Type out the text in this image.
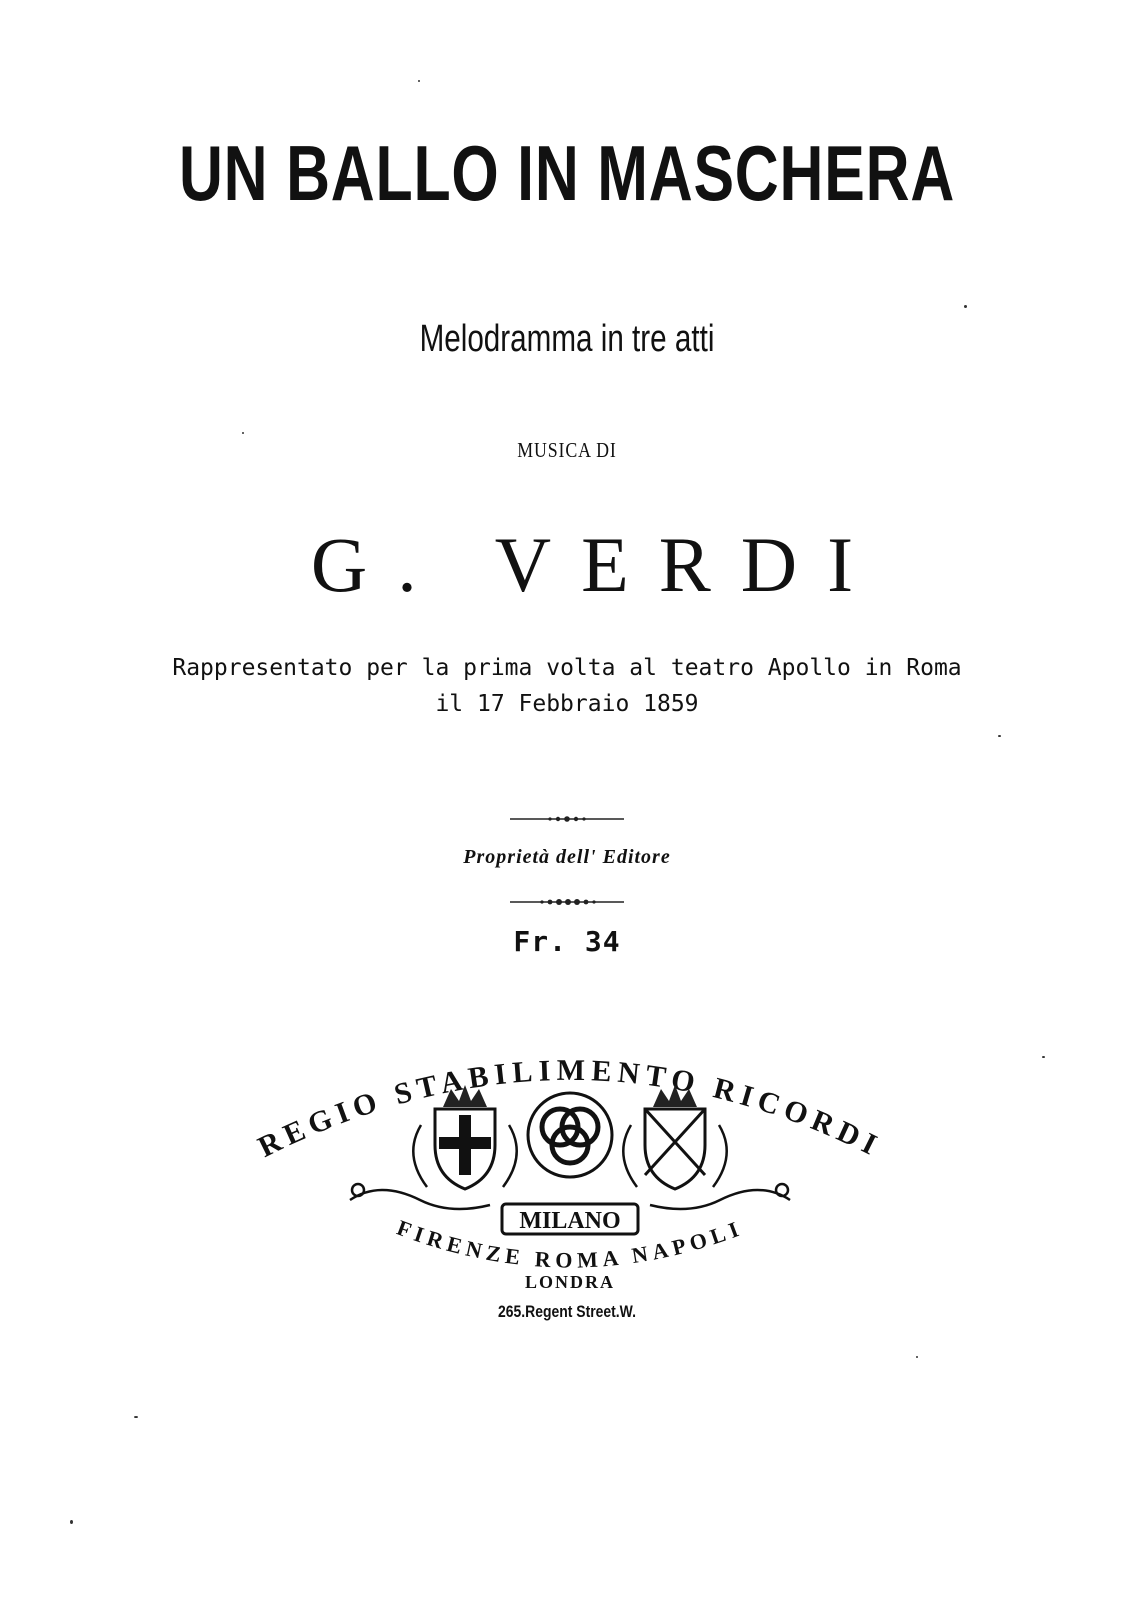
UN BALLO IN MASCHERA
Melodramma in tre atti
MUSICA DI
G. VERDI
Rappresentato per la prima volta al teatro Apollo in Roma
il 17 Febbraio 1859
Proprietà dell' Editore
Fr. 34
REGIO STABILIMENTO RICORDI
MILANO
FIRENZE ROMA NAPOLI
LONDRA
265.Regent Street.W.
